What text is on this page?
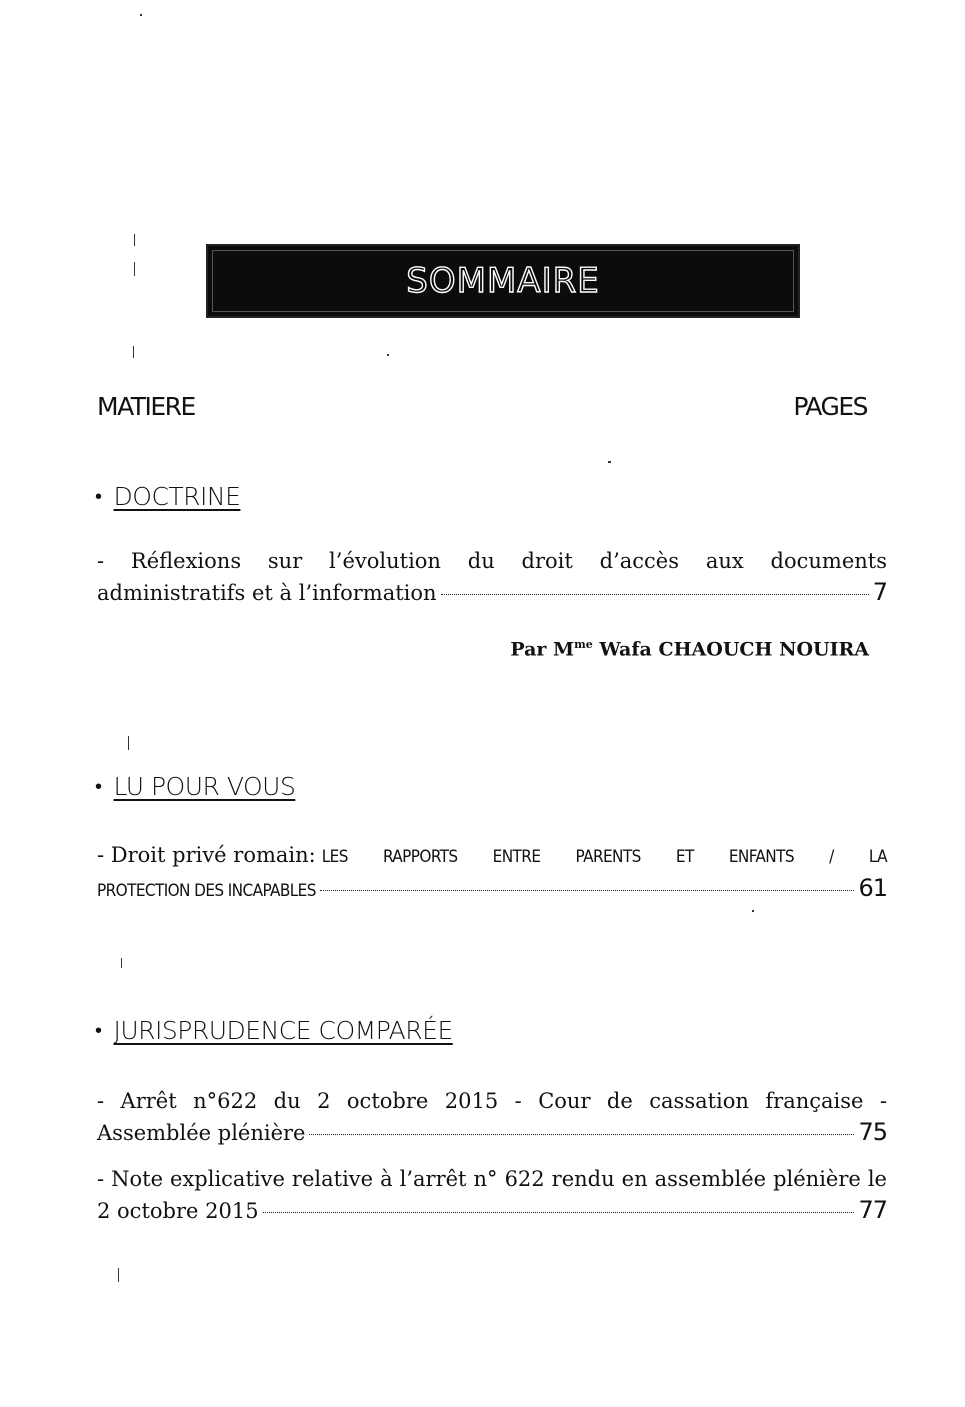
SOMMAIRE
MATIERE	PAGES
• DOCTRINE
- Réflexions sur l’évolution du droit d’accès aux documents
administratifs et à l’information	7
Par $M^{me}$ Wafa CHAOUCH NOUIRA
• LU POUR VOUS
- Droit privé romain: LES RAPPORTS ENTRE PARENTS ET ENFANTS / LA
PROTECTION DES INCAPABLES	61
• JURISPRUDENCE COMPARÉE
- Arrêt n°622 du 2 octobre 2015 - Cour de cassation française -
Assemblée plénière	75
- Note explicative relative à l’arrêt n° 622 rendu en assemblée plénière le
2 octobre 2015	77
